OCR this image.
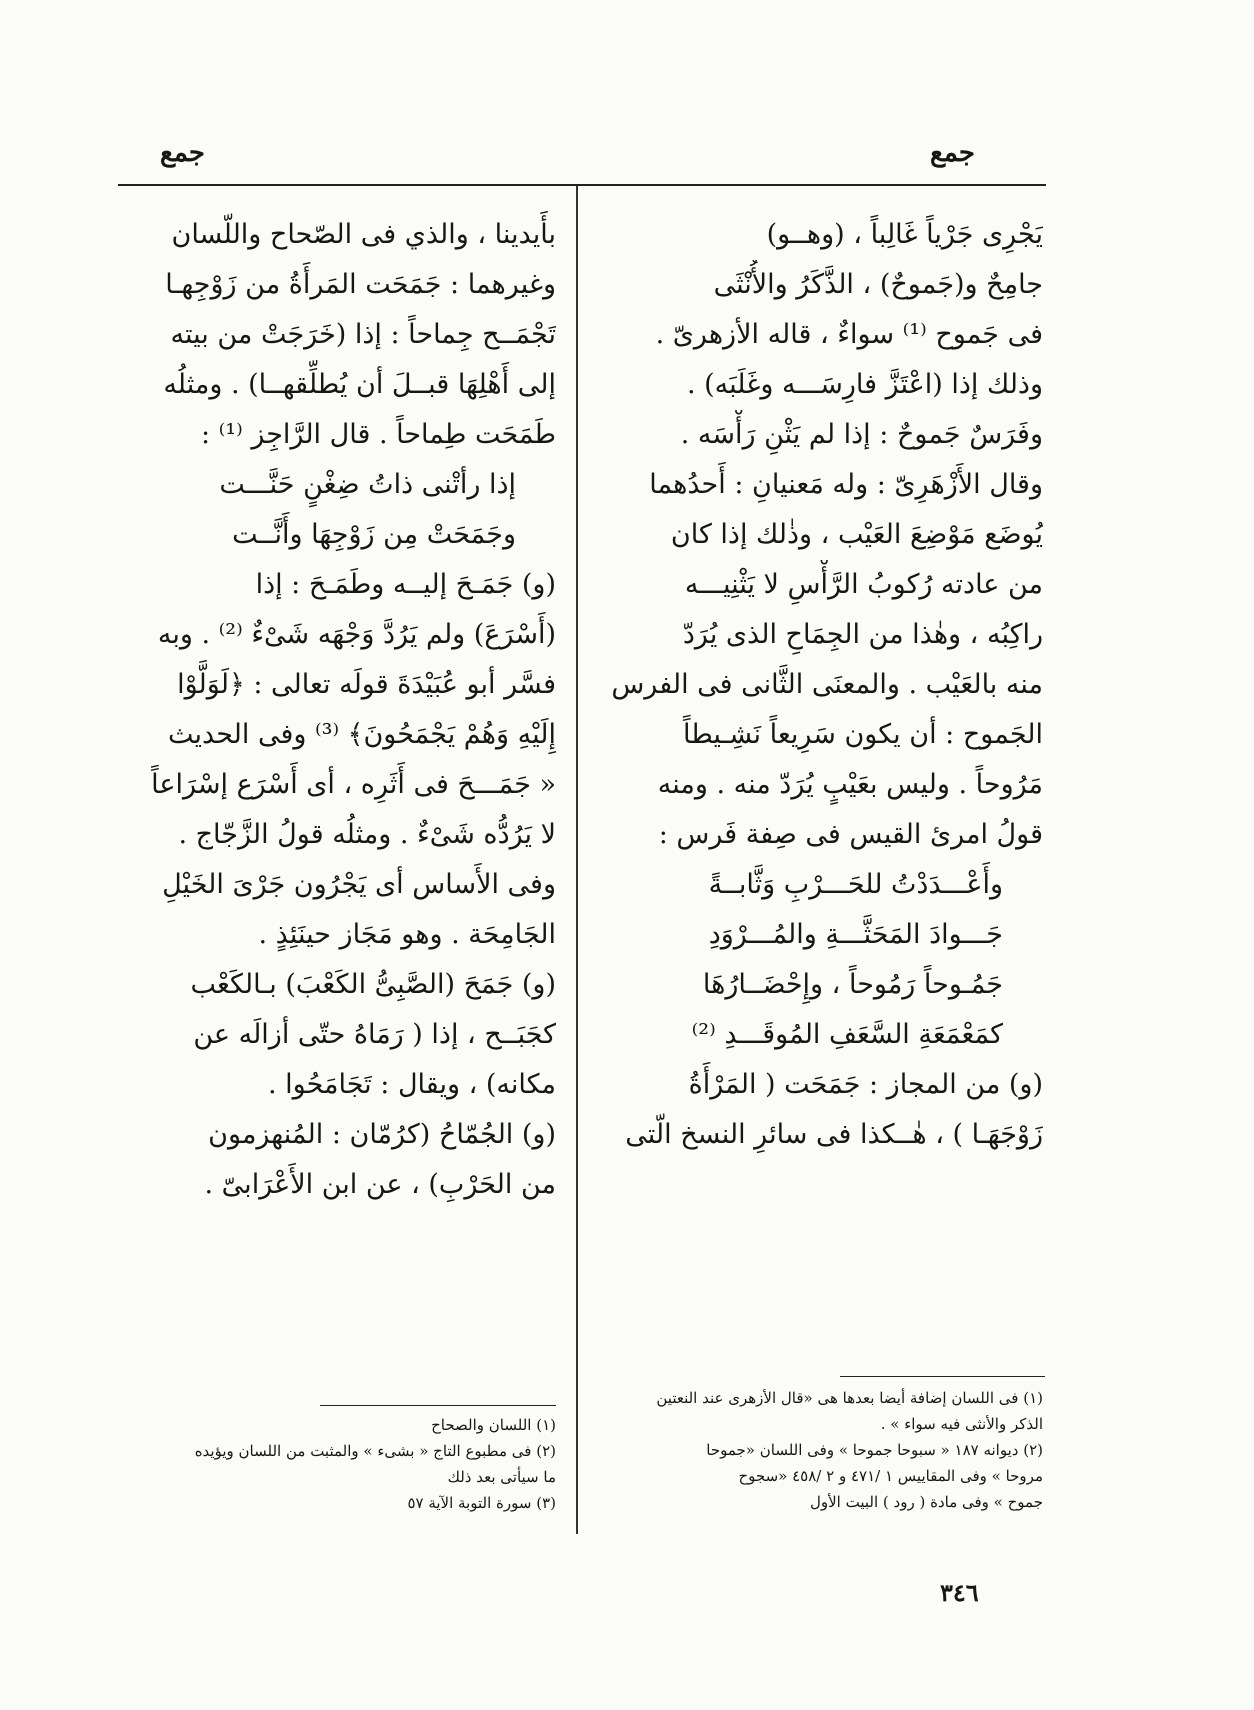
جمع
جمع
يَجْرِى جَرْياً غَالِباً ، (وهــو)
جامِحٌ و(جَموحٌ) ، الذَّكَرُ والأُنْثَى
فى جَموح ⁽¹⁾ سواءٌ ، قاله الأزهرىّ .
وذلك إذا (اعْتَزَّ فارِسَـــه وغَلَبَه) .
وفَرَسٌ جَموحٌ : إذا لم يَثْنِ رَأْسَه .
وقال الأَزْهَرِىّ : وله مَعنيانِ : أَحدُهما
يُوضَع مَوْضِعَ العَيْب ، وذٰلك إذا كان
من عادته رُكوبُ الرَّأْسِ لا يَثْنِيـــه
راكِبُه ، وهٰذا من الجِمَاحِ الذى يُرَدّ
منه بالعَيْب . والمعنَى الثَّانى فى الفرس
الجَموح : أن يكون سَرِيعاً نَشِـيطاً
مَرُوحاً . وليس بعَيْبٍ يُرَدّ منه . ومنه
قولُ امرئ القيس فى صِفة فَرس :
وأَعْـــدَدْتُ للحَـــرْبِ وَثَّابــةً
جَـــوادَ المَحَثَّـــةِ والمُـــرْوَدِ
جَمُـوحاً رَمُوحاً ، وإِحْضَــارُهَا
كمَعْمَعَةِ السَّعَفِ المُوقَـــدِ ⁽²⁾
(و) من المجاز : جَمَحَت ( المَرْأَةُ
زَوْجَهَـا ) ، هٰــكذا فى سائرِ النسخ الّتى
بأَيدينا ، والذي فى الصّحاح واللّسان
وغيرهما : جَمَحَت المَرأَةُ من زَوْجِهـا
تَجْمَــح جِماحاً : إذا (خَرَجَتْ من بيته
إلى أَهْلِهَا قبــلَ أن يُطلِّقهــا) . ومثلُه
طَمَحَت طِماحاً . قال الرَّاجِز ⁽¹⁾ :
إذا رأتْنى ذاتُ ضِغْنٍ حَنَّـــت
وجَمَحَتْ مِن زَوْجِهَا وأَنَّــت
(و) جَمَـحَ إليــه وطَمَـحَ : إذا
(أَسْرَعَ) ولم يَرُدَّ وَجْهَه شَىْءٌ ⁽²⁾ . وبه
فسَّر أبو عُبَيْدَةَ قولَه تعالى : ﴿لَوَلَّوْا
إِلَيْهِ وَهُمْ يَجْمَحُونَ﴾ ⁽³⁾ وفى الحديث
« جَمَـــحَ فى أَثَرِه ، أى أَسْرَع إسْرَاعاً
لا يَرُدُّه شَىْءٌ . ومثلُه قولُ الزَّجّاج .
وفى الأَساس أى يَجْرُون جَرْىَ الخَيْلِ
الجَامِحَة . وهو مَجَاز حينَئِذٍ .
(و) جَمَحَ (الصَّبِىُّ الكَعْبَ) بـالكَعْب
كجَبَــح ، إذا ( رَمَاهُ حتّى أزالَه عن
مكانه) ، ويقال : تَجَامَحُوا .
(و) الجُمّاحُ (كرُمّان : المُنهزمون
من الحَرْبِ) ، عن ابن الأَعْرَابىّ .
(١) فى اللسان إضافة أيضا بعدها هى «قال الأزهرى عند النعتين
الذكر والأنثى فيه سواء » .
(٢) ديوانه ١٨٧ « سبوحا جموحا » وفى اللسان «جموحا
مروحا » وفى المقاييس ١ /٤٧١ و ٢ /٤٥٨ «سجوح
جموح » وفى مادة ( رود ) البيت الأول
(١) اللسان والصحاح
(٢) فى مطبوع التاج « بشىء » والمثبت من اللسان ويؤيده
ما سيأتى بعد ذلك
(٣) سورة التوبة الآية ٥٧
٣٤٦
